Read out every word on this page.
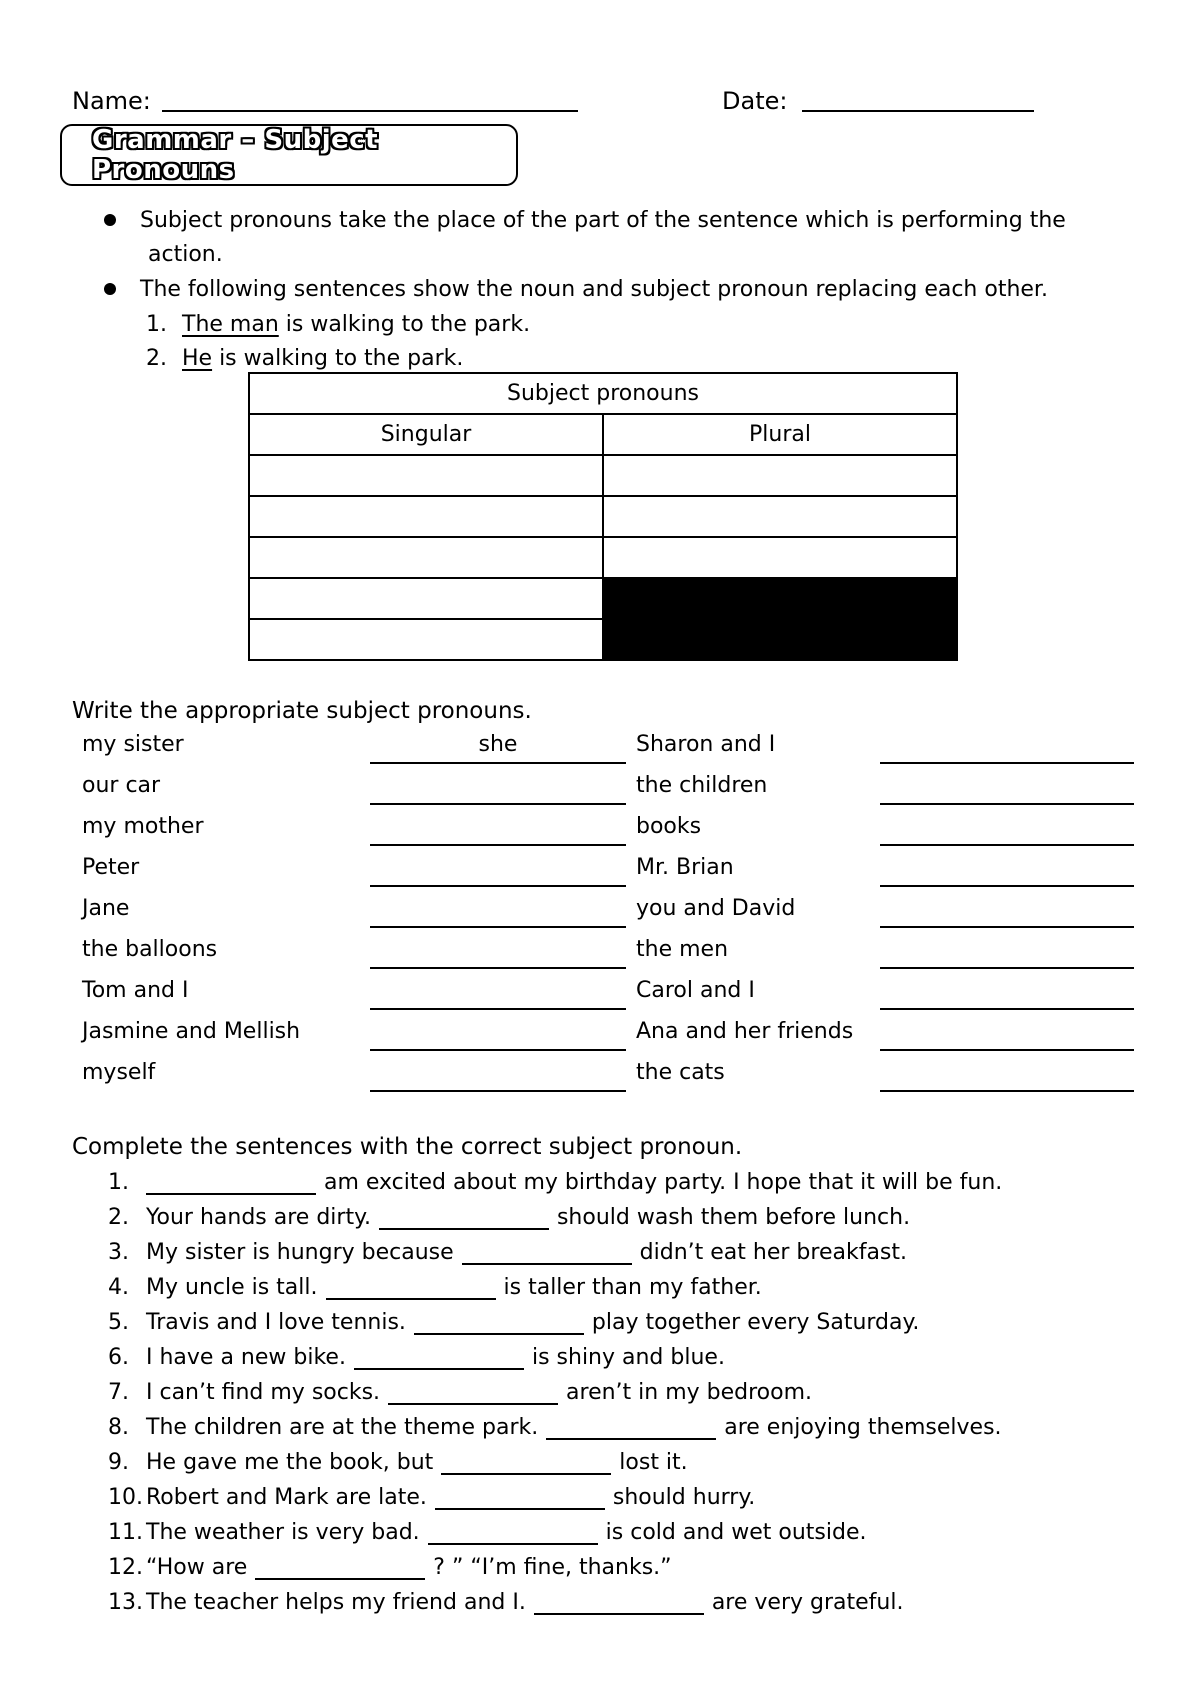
Name:	Date:
Grammar – Subject Pronouns
Subject pronouns take the place of the part of the sentence which is performing the
action.
The following sentences show the noun and subject pronoun replacing each other.
1. The man is walking to the park.
2. He is walking to the park.
Subject pronouns	
Singular	Plural

Write the appropriate subject pronouns.
my sister	she	Sharon and I
our car	the children
my mother	books
Peter	Mr. Brian
Jane	you and David
the balloons	the men
Tom and I	Carol and I
Jasmine and Mellish	Ana and her friends
myself	the cats
Complete the sentences with the correct subject pronoun.
1.	am excited about my birthday party. I hope that it will be fun.
2. Your hands are dirty.	should wash them before lunch.
3. My sister is hungry because	didn’t eat her breakfast.
4. My uncle is tall.	is taller than my father.
5. Travis and I love tennis.	play together every Saturday.
6. I have a new bike.	is shiny and blue.
7. I can’t find my socks.	aren’t in my bedroom.
8. The children are at the theme park.	are enjoying themselves.
9. He gave me the book, but	lost it.
10. Robert and Mark are late.	should hurry.
11. The weather is very bad.	is cold and wet outside.
12. “How are	? ” “I’m fine, thanks.”
13. The teacher helps my friend and I.	are very grateful.
